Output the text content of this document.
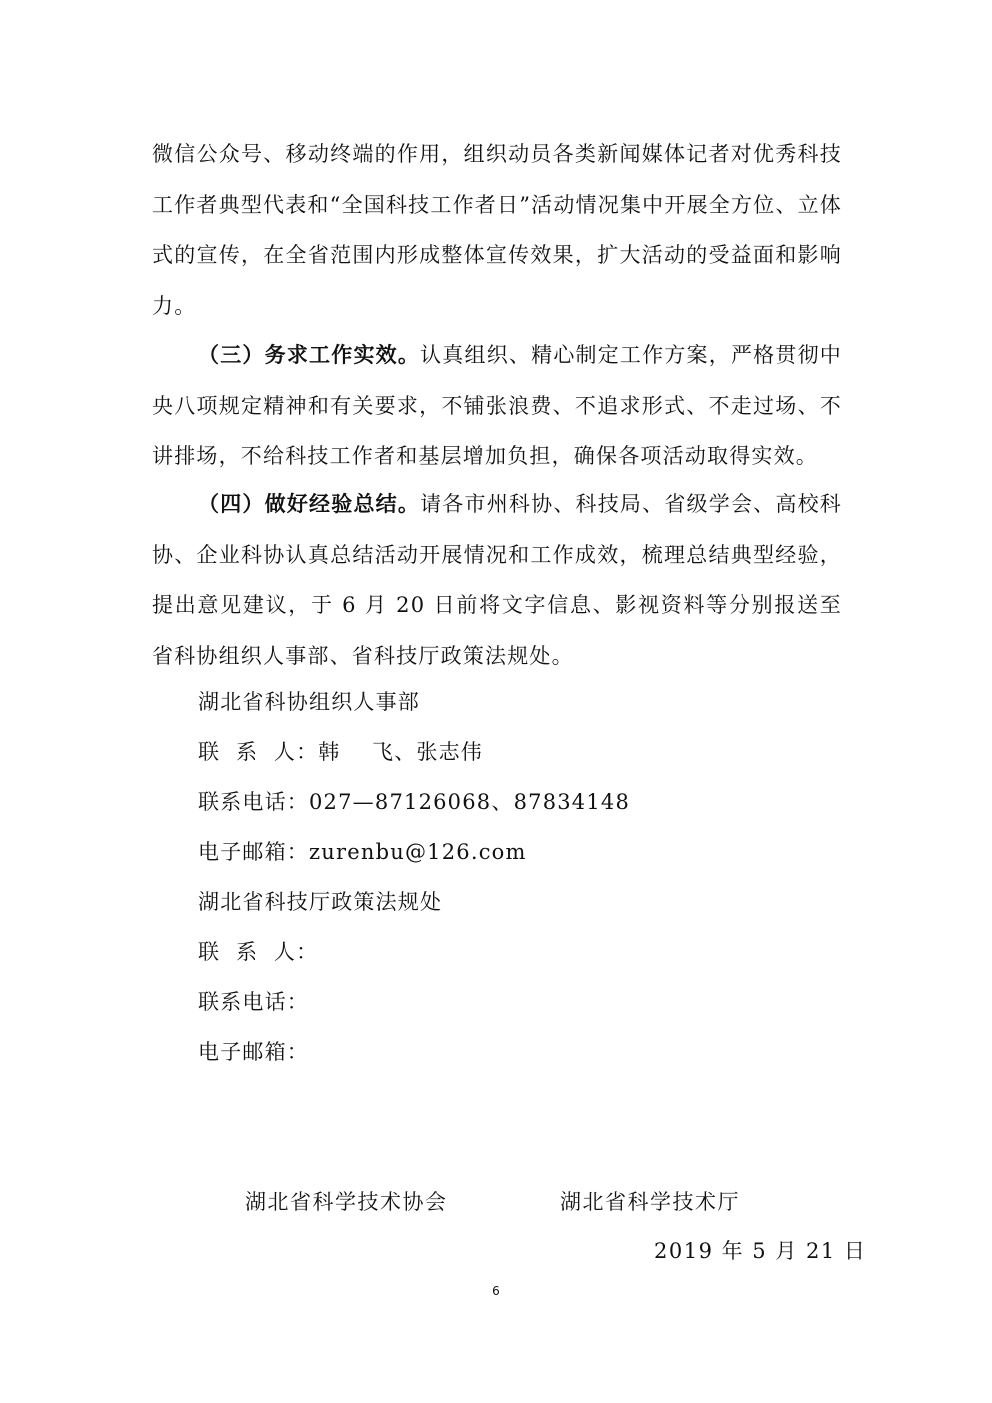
微信公众号、移动终端的作用，组织动员各类新闻媒体记者对优秀科技工作者典型代表和“全国科技工作者日”活动情况集中开展全方位、立体式的宣传，在全省范围内形成整体宣传效果，扩大活动的受益面和影响力。
（三）务求工作实效。认真组织、精心制定工作方案，严格贯彻中央八项规定精神和有关要求，不铺张浪费、不追求形式、不走过场、不讲排场，不给科技工作者和基层增加负担，确保各项活动取得实效。
（四）做好经验总结。请各市州科协、科技局、省级学会、高校科协、企业科协认真总结活动开展情况和工作成效，梳理总结典型经验，提出意见建议，于 6 月 20 日前将文字信息、影视资料等分别报送至省科协组织人事部、省科技厅政策法规处。
湖北省科协组织人事部
联  系  人：韩    飞、张志伟
联系电话：027—87126068、87834148
电子邮箱：zurenbu@126.com
湖北省科技厅政策法规处
联  系  人：
联系电话：
电子邮箱：
湖北省科学技术协会	湖北省科学技术厅
2019 年 5 月 21 日
6
